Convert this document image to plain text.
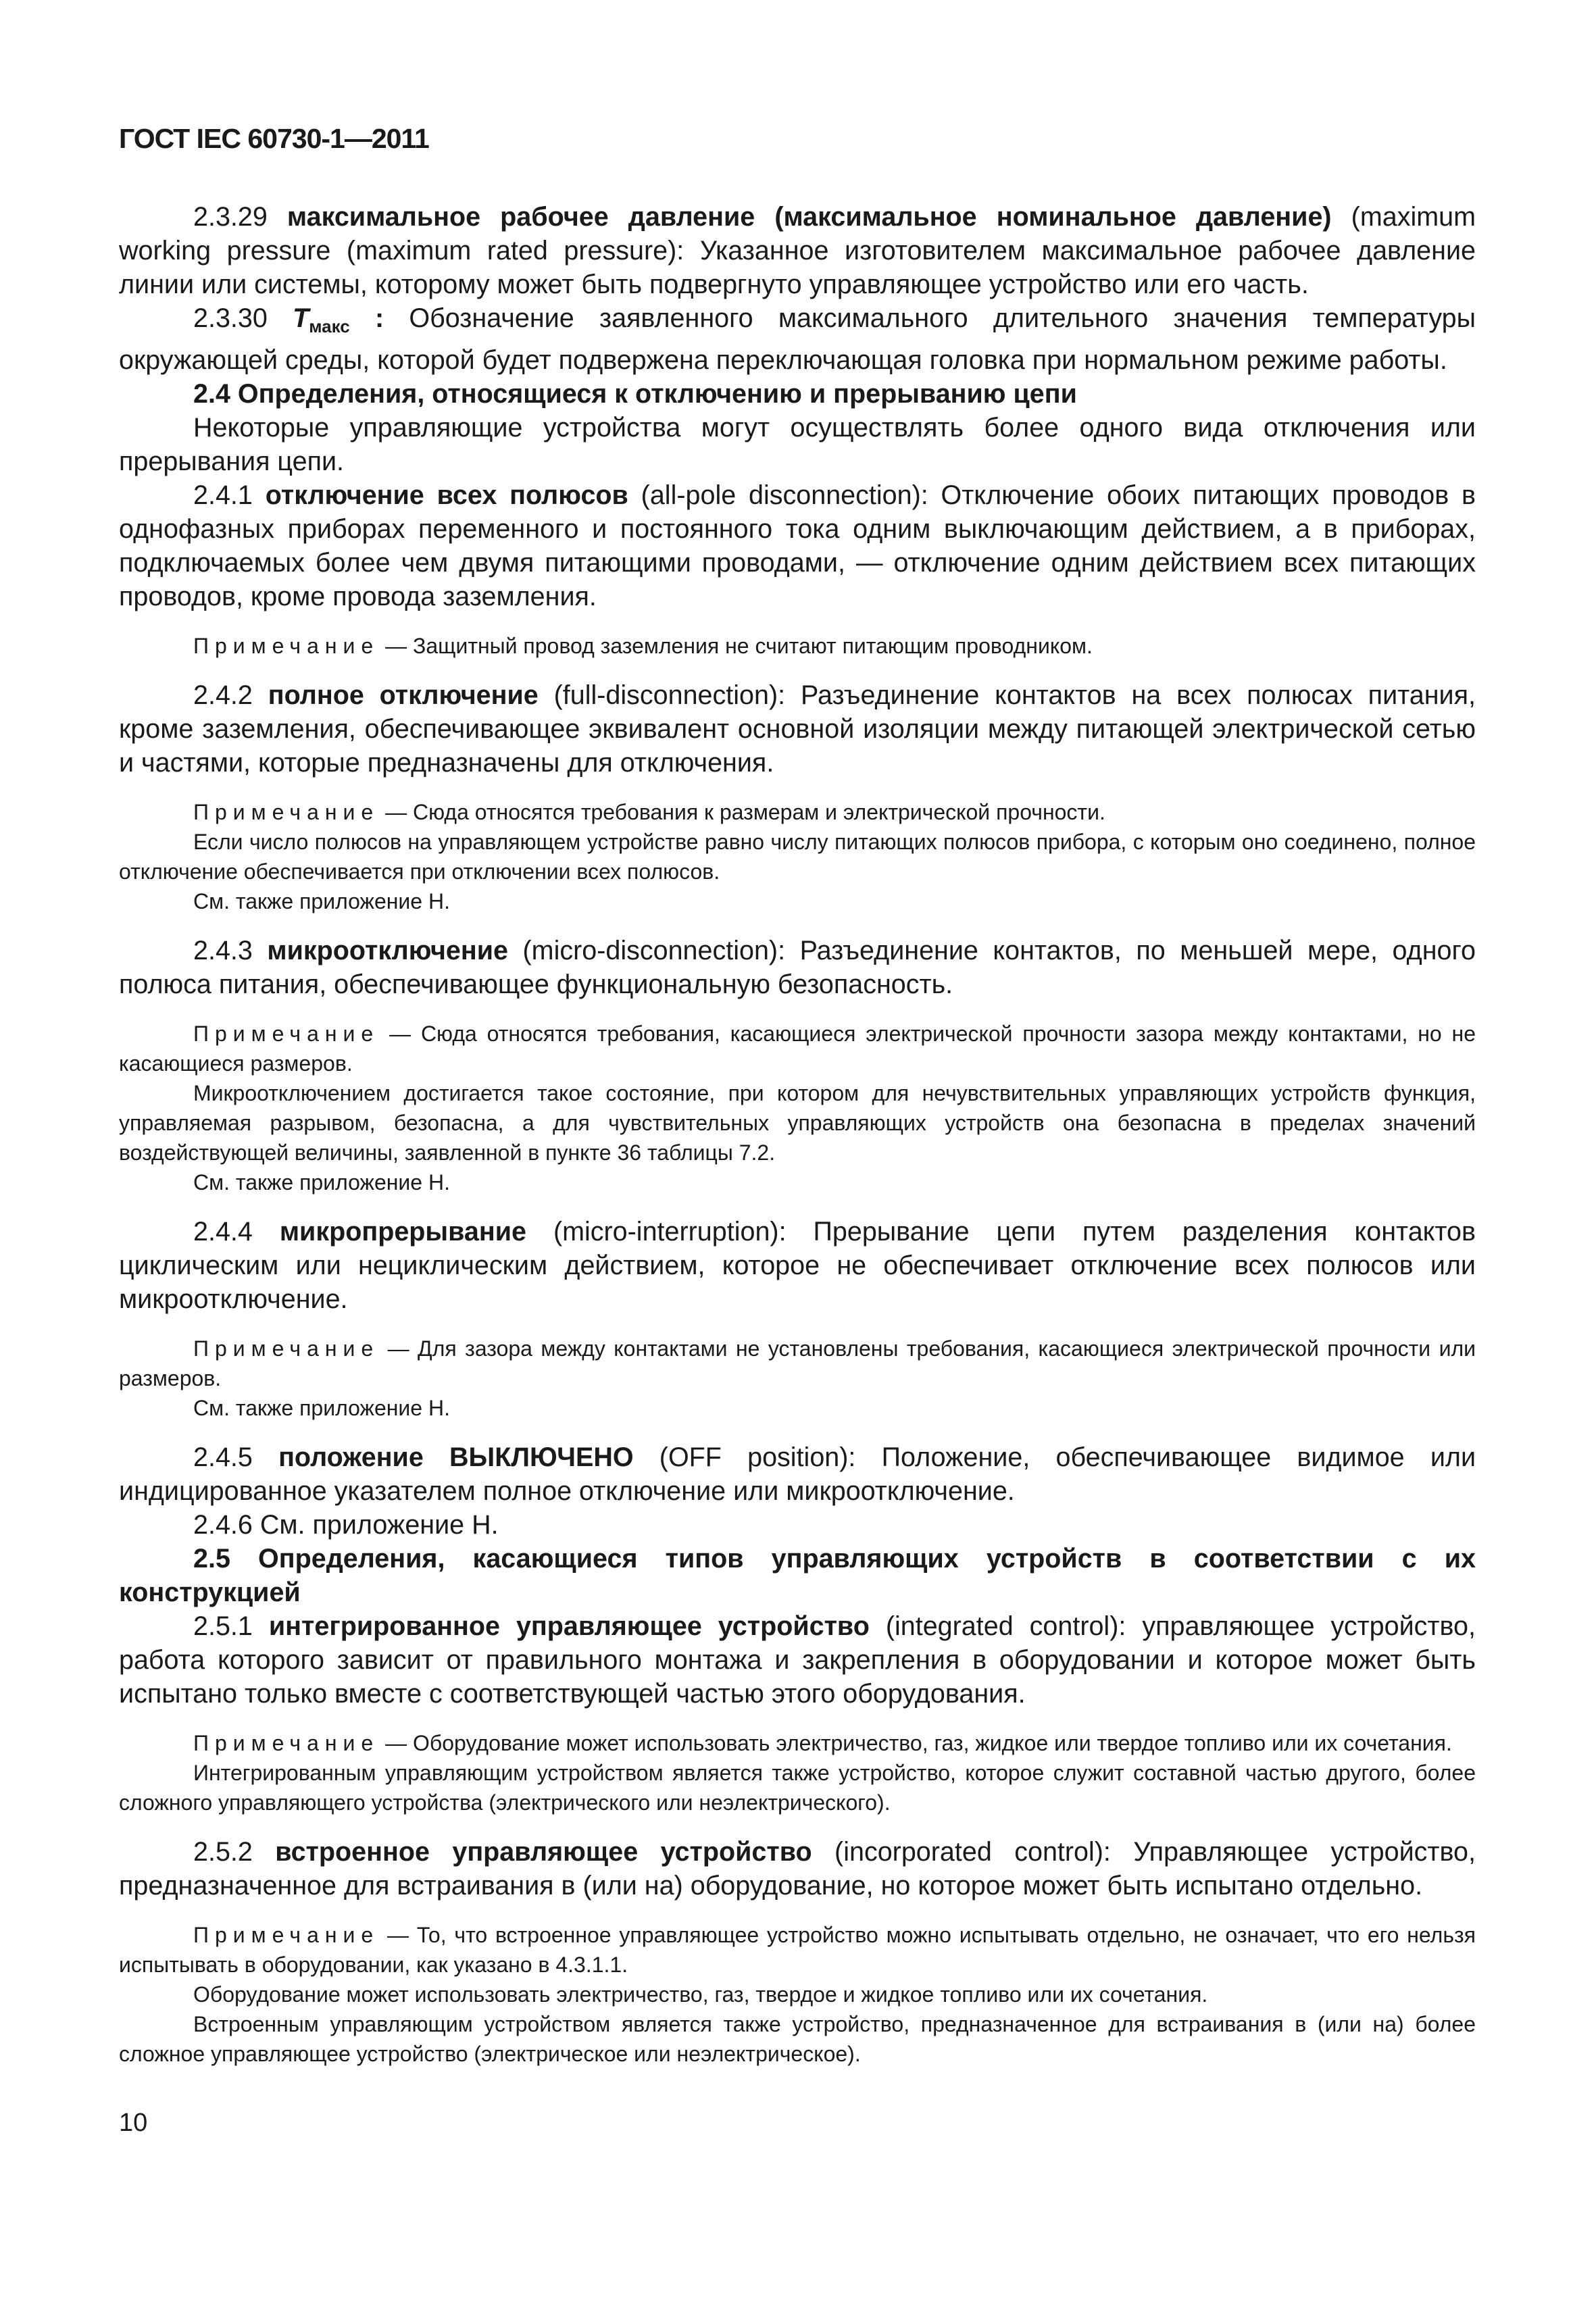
ГОСТ IEC 60730-1—2011

2.3.29 максимальное рабочее давление (максимальное номинальное давление) (maximum working pressure (maximum rated pressure): Указанное изготовителем максимальное рабочее давление линии или системы, которому может быть подвергнуто управляющее устройство или его часть.

2.3.30 $T_{макс}$ : Обозначение заявленного максимального длительного значения температуры окружающей среды, которой будет подвержена переключающая головка при нормальном режиме работы.

2.4 Определения, относящиеся к отключению и прерыванию цепи

Некоторые управляющие устройства могут осуществлять более одного вида отключения или прерывания цепи.

2.4.1 отключение всех полюсов (all-pole disconnection): Отключение обоих питающих проводов в однофазных приборах переменного и постоянного тока одним выключающим действием, а в приборах, подключаемых более чем двумя питающими проводами, — отключение одним действием всех питающих проводов, кроме провода заземления.

Примечание — Защитный провод заземления не считают питающим проводником.

2.4.2 полное отключение (full-disconnection): Разъединение контактов на всех полюсах питания, кроме заземления, обеспечивающее эквивалент основной изоляции между питающей электрической сетью и частями, которые предназначены для отключения.

Примечание — Сюда относятся требования к размерам и электрической прочности.

Если число полюсов на управляющем устройстве равно числу питающих полюсов прибора, с которым оно соединено, полное отключение обеспечивается при отключении всех полюсов.

См. также приложение Н.

2.4.3 микроотключение (micro-disconnection): Разъединение контактов, по меньшей мере, одного полюса питания, обеспечивающее функциональную безопасность.

Примечание — Сюда относятся требования, касающиеся электрической прочности зазора между контактами, но не касающиеся размеров.

Микроотключением достигается такое состояние, при котором для нечувствительных управляющих устройств функция, управляемая разрывом, безопасна, а для чувствительных управляющих устройств она безопасна в пределах значений воздействующей величины, заявленной в пункте 36 таблицы 7.2.

См. также приложение Н.

2.4.4 микропрерывание (micro-interruption): Прерывание цепи путем разделения контактов циклическим или нециклическим действием, которое не обеспечивает отключение всех полюсов или микроотключение.

Примечание — Для зазора между контактами не установлены требования, касающиеся электрической прочности или размеров.

См. также приложение Н.

2.4.5 положение ВЫКЛЮЧЕНО (OFF position): Положение, обеспечивающее видимое или индицированное указателем полное отключение или микроотключение.

2.4.6 См. приложение Н.

2.5 Определения, касающиеся типов управляющих устройств в соответствии с их конструкцией

2.5.1 интегрированное управляющее устройство (integrated control): управляющее устройство, работа которого зависит от правильного монтажа и закрепления в оборудовании и которое может быть испытано только вместе с соответствующей частью этого оборудования.

Примечание — Оборудование может использовать электричество, газ, жидкое или твердое топливо или их сочетания.

Интегрированным управляющим устройством является также устройство, которое служит составной частью другого, более сложного управляющего устройства (электрического или неэлектрического).

2.5.2 встроенное управляющее устройство (incorporated control): Управляющее устройство, предназначенное для встраивания в (или на) оборудование, но которое может быть испытано отдельно.

Примечание — То, что встроенное управляющее устройство можно испытывать отдельно, не означает, что его нельзя испытывать в оборудовании, как указано в 4.3.1.1.

Оборудование может использовать электричество, газ, твердое и жидкое топливо или их сочетания.

Встроенным управляющим устройством является также устройство, предназначенное для встраивания в (или на) более сложное управляющее устройство (электрическое или неэлектрическое).

10
